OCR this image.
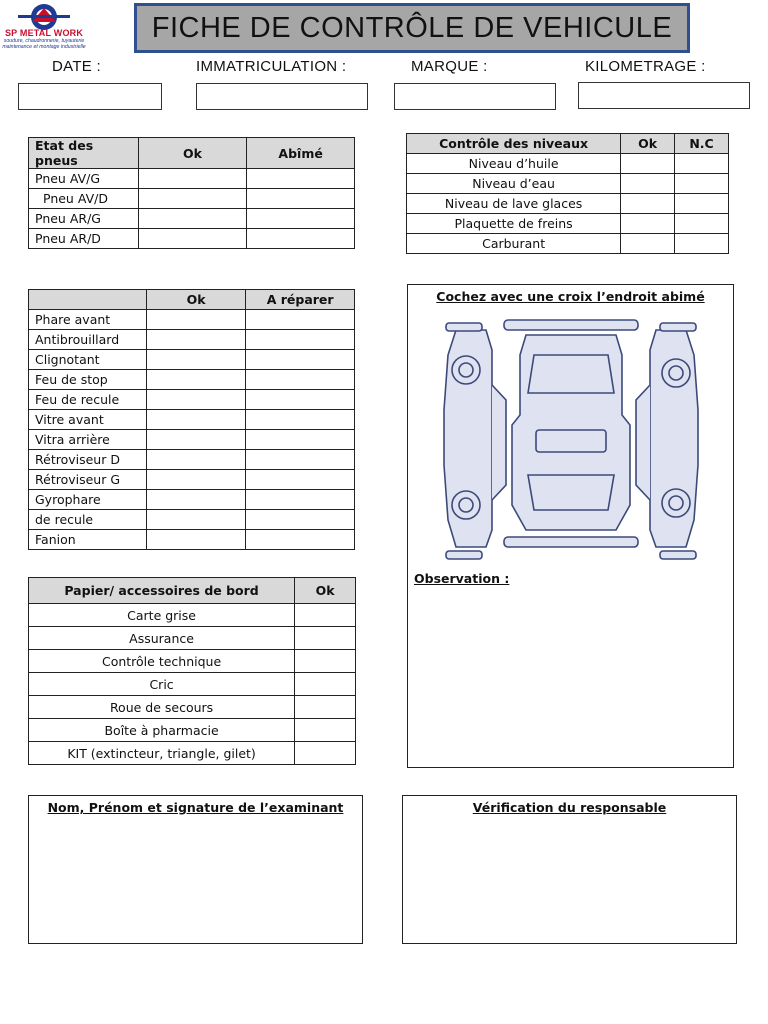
SP METAL WORK
soudure, chaudronnerie, tuyauterie maintenance et montage industrielle
FICHE DE CONTRÔLE DE VEHICULE
DATE :	IMMATRICULATION :	MARQUE :	KILOMETRAGE :
Etat des pneus	Ok	Abîmé
Pneu AV/G		
Pneu AV/D		
Pneu AR/G		
Pneu AR/D		
Contrôle des niveaux	Ok	N.C
Niveau d’huile		
Niveau d’eau		
Niveau de lave glaces		
Plaquette de freins		
Carburant		
	Ok	A réparer
Phare avant		
Antibrouillard		
Clignotant		
Feu de stop		
Feu de recule		
Vitre avant		
Vitra arrière		
Rétroviseur D		
Rétroviseur G		
Gyrophare		
de recule		
Fanion		
Papier/ accessoires de bord	Ok
Carte grise	
Assurance	
Contrôle technique	
Cric	
Roue de secours	
Boîte à pharmacie	
KIT (extincteur, triangle, gilet)	
Cochez avec une croix l’endroit abimé
Observation :
Nom, Prénom et signature de l’examinant	Vérification du responsable
